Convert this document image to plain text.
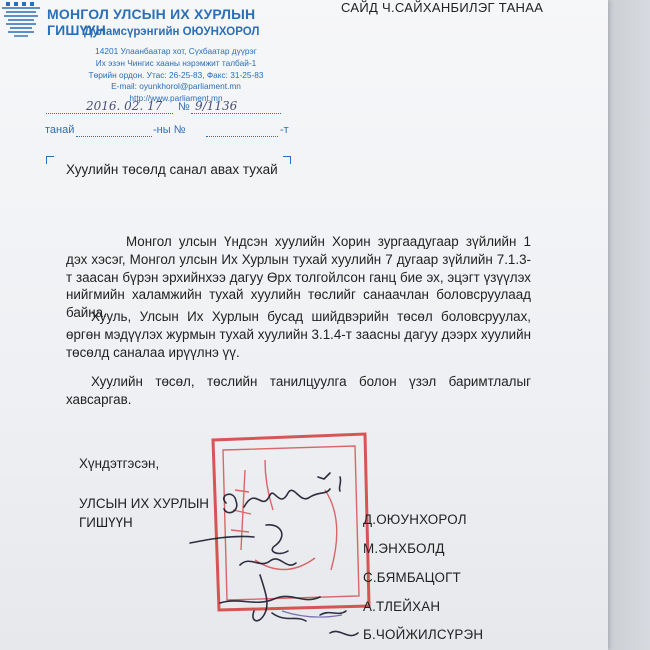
МОНГОЛ УЛСЫН ИХ ХУРЛЫН ГИШҮҮН
Дуламсүрэнгийн ОЮУНХОРОЛ
14201 Улаанбаатар хот, Сүхбаатар дүүрэг
Их эзэн Чингис хааны нэрэмжит талбай-1
Төрийн ордон. Утас: 26-25-83, Факс: 31-25-83
E-mail: oyunkhorol@parliament.mn
http://www.parliament.mn
САЙД Ч.САЙХАНБИЛЭГ ТАНАА
2016. 02. 17 № 9/1136
танай	-ны №	-т
Хуулийн төсөлд санал авах тухай
Монгол улсын Үндсэн хуулийн Хорин зургаадугаар зүйлийн 1 дэх хэсэг, Монгол улсын Их Хурлын тухай хуулийн 7 дугаар зүйлийн 7.1.3-т заасан бүрэн эрхийнхээ дагуу Өрх толгойлсон ганц бие эх, эцэгт үзүүлэх нийгмийн халамжийн тухай хуулийн төслийг санаачлан боловсруулаад байна.
Хууль, Улсын Их Хурлын бусад шийдвэрийн төсөл боловсруулах, өргөн мэдүүлэх журмын тухай хуулийн 3.1.4-т заасны дагуу дээрх хуулийн төсөлд саналаа ирүүлнэ үү.
Хуулийн төсөл, төслийн танилцуулга болон үзэл баримтлалыг хавсаргав.
Хүндэтгэсэн,
УЛСЫН ИХ ХУРЛЫН
ГИШҮҮН	Д.ОЮУНХОРОЛ
М.ЭНХБОЛД
С.БЯМБАЦОГТ
А.ТЛЕЙХАН
Б.ЧОЙЖИЛСҮРЭН
